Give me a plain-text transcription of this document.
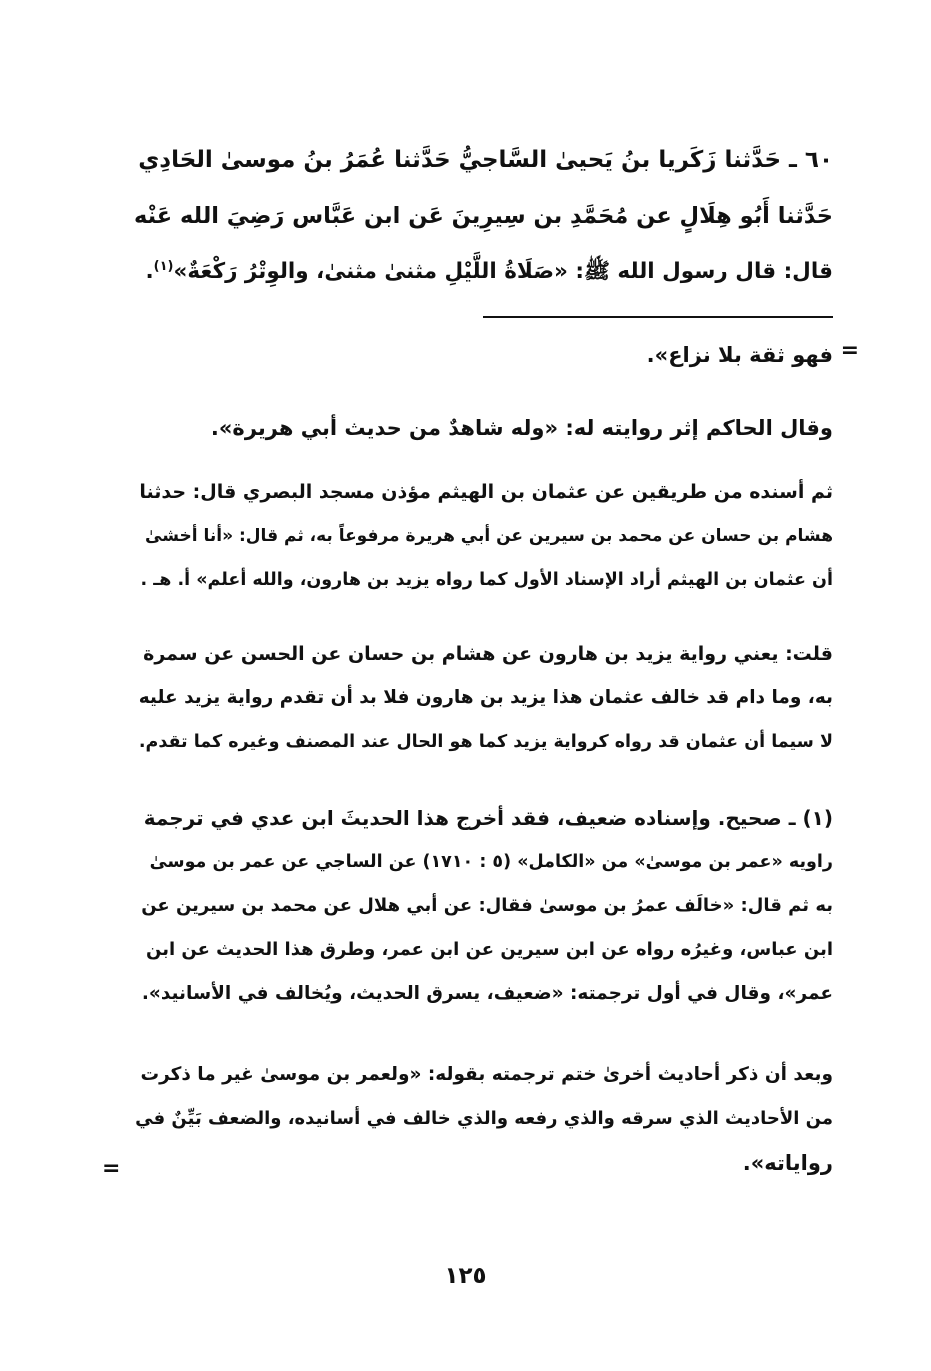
٦٠ ـ حَدَّثنا زَكَريا بنُ يَحيىٰ السَّاجيُّ حَدَّثنا عُمَرُ بنُ موسىٰ الحَادِي
حَدَّثنا أَبُو هِلَالٍ عن مُحَمَّدِ بن سِيرِينَ عَن ابن عَبَّاس رَضِيَ الله عَنْه
قال: قال رسول الله ﷺ: «صَلَاةُ اللَّيْلِ مثنىٰ مثنىٰ، والوِتْرُ رَكْعَةٌ»$^{(١)}$.
=
فهو ثقة بلا نزاع».
وقال الحاكم إثر روايته له: «وله شاهدٌ من حديث أبي هريرة».
ثم أسنده من طريقين عن عثمان بن الهيثم مؤذن مسجد البصري قال: حدثنا
هشام بن حسان عن محمد بن سيرين عن أبي هريرة مرفوعاً به، ثم قال: «أنا أخشىٰ
أن عثمان بن الهيثم أراد الإسناد الأول كما رواه يزيد بن هارون، والله أعلم» أ. هـ .
قلت: يعني رواية يزيد بن هارون عن هشام بن حسان عن الحسن عن سمرة
به، وما دام قد خالف عثمان هذا يزيد بن هارون فلا بد أن تقدم رواية يزيد عليه
لا سيما أن عثمان قد رواه كرواية يزيد كما هو الحال عند المصنف وغيره كما تقدم.
(١) ـ صحيح. وإسناده ضعيف، فقد أخرج هذا الحديثَ ابن عدي في ترجمة
راويه «عمر بن موسىٰ» من «الكامل» (٥ : ١٧١٠) عن الساجي عن عمر بن موسىٰ
به ثم قال: «خالَف عمرُ بن موسىٰ فقال: عن أبي هلال عن محمد بن سيرين عن
ابن عباس، وغيرُه رواه عن ابن سيرين عن ابن عمر، وطرق هذا الحديث عن ابن
عمر»، وقال في أول ترجمته: «ضعيف، يسرق الحديث، ويُخالف في الأسانيد».
وبعد أن ذكر أحاديث أخرىٰ ختم ترجمته بقوله: «ولعمر بن موسىٰ غير ما ذكرت
من الأحاديث الذي سرقه والذي رفعه والذي خالف في أسانيده، والضعف بَيِّنٌ في
رواياته».
=
١٢٥
